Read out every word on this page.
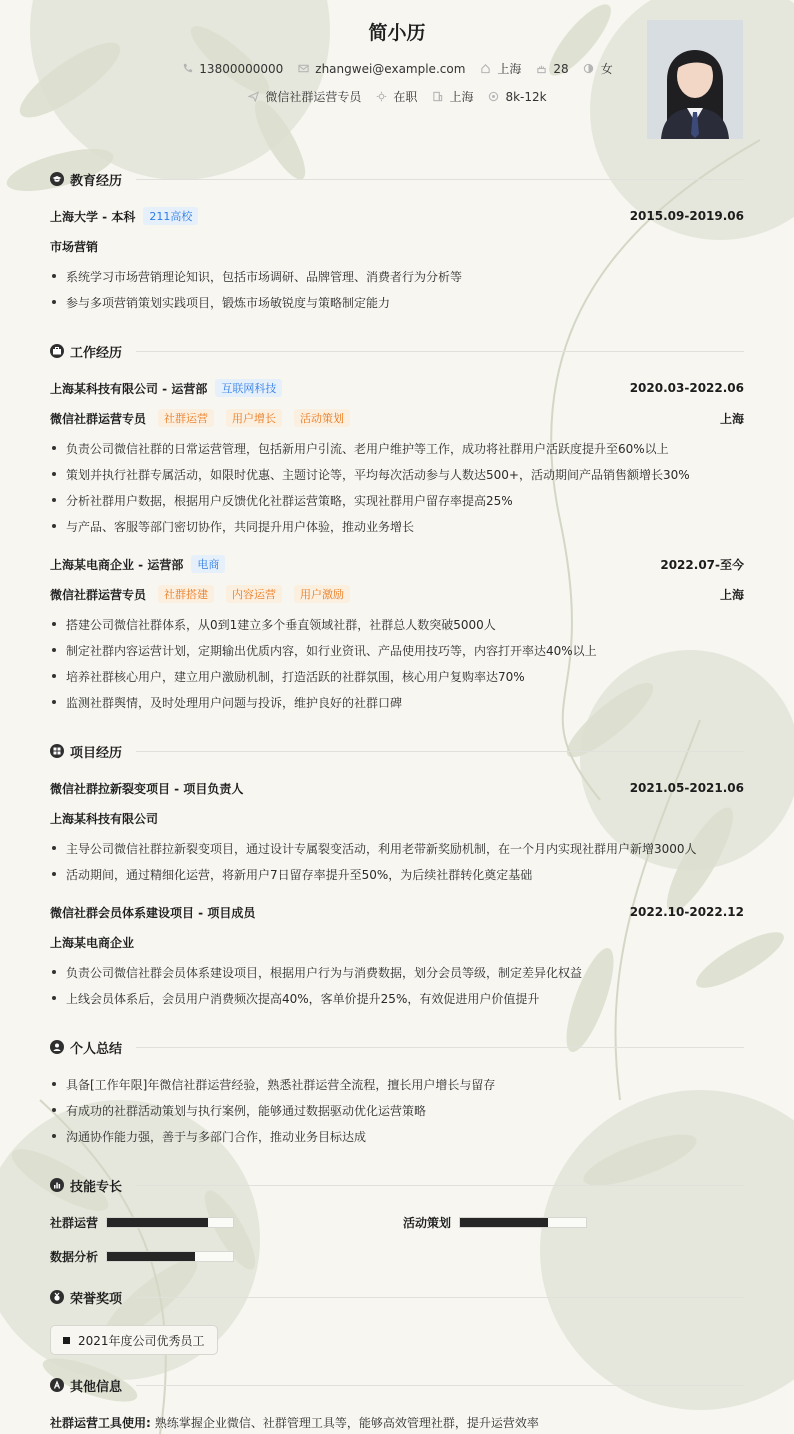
简小历
13800000000	zhangwei@example.com	上海	28	女
微信社群运营专员	在职	上海	8k-12k
教育经历
上海大学 - 本科	211高校	2015.09-2019.06
市场营销
系统学习市场营销理论知识，包括市场调研、品牌管理、消费者行为分析等
参与多项营销策划实践项目，锻炼市场敏锐度与策略制定能力
工作经历
上海某科技有限公司 - 运营部	互联网科技	2020.03-2022.06
微信社群运营专员	社群运营	用户增长	活动策划	上海
负责公司微信社群的日常运营管理，包括新用户引流、老用户维护等工作，成功将社群用户活跃度提升至60%以上
策划并执行社群专属活动，如限时优惠、主题讨论等，平均每次活动参与人数达500+，活动期间产品销售额增长30%
分析社群用户数据，根据用户反馈优化社群运营策略，实现社群用户留存率提高25%
与产品、客服等部门密切协作，共同提升用户体验，推动业务增长
上海某电商企业 - 运营部	电商	2022.07-至今
微信社群运营专员	社群搭建	内容运营	用户激励	上海
搭建公司微信社群体系，从0到1建立多个垂直领域社群，社群总人数突破5000人
制定社群内容运营计划，定期输出优质内容，如行业资讯、产品使用技巧等，内容打开率达40%以上
培养社群核心用户，建立用户激励机制，打造活跃的社群氛围，核心用户复购率达70%
监测社群舆情，及时处理用户问题与投诉，维护良好的社群口碑
项目经历
微信社群拉新裂变项目 - 项目负责人	2021.05-2021.06
上海某科技有限公司
主导公司微信社群拉新裂变项目，通过设计专属裂变活动，利用老带新奖励机制，在一个月内实现社群用户新增3000人
活动期间，通过精细化运营，将新用户7日留存率提升至50%，为后续社群转化奠定基础
微信社群会员体系建设项目 - 项目成员	2022.10-2022.12
上海某电商企业
负责公司微信社群会员体系建设项目，根据用户行为与消费数据，划分会员等级，制定差异化权益
上线会员体系后，会员用户消费频次提高40%，客单价提升25%，有效促进用户价值提升
个人总结
具备[工作年限]年微信社群运营经验，熟悉社群运营全流程，擅长用户增长与留存
有成功的社群活动策划与执行案例，能够通过数据驱动优化运营策略
沟通协作能力强，善于与多部门合作，推动业务目标达成
技能专长
社群运营	活动策划
数据分析
荣誉奖项
2021年度公司优秀员工
其他信息
社群运营工具使用: 熟练掌握企业微信、社群管理工具等，能够高效管理社群，提升运营效率
